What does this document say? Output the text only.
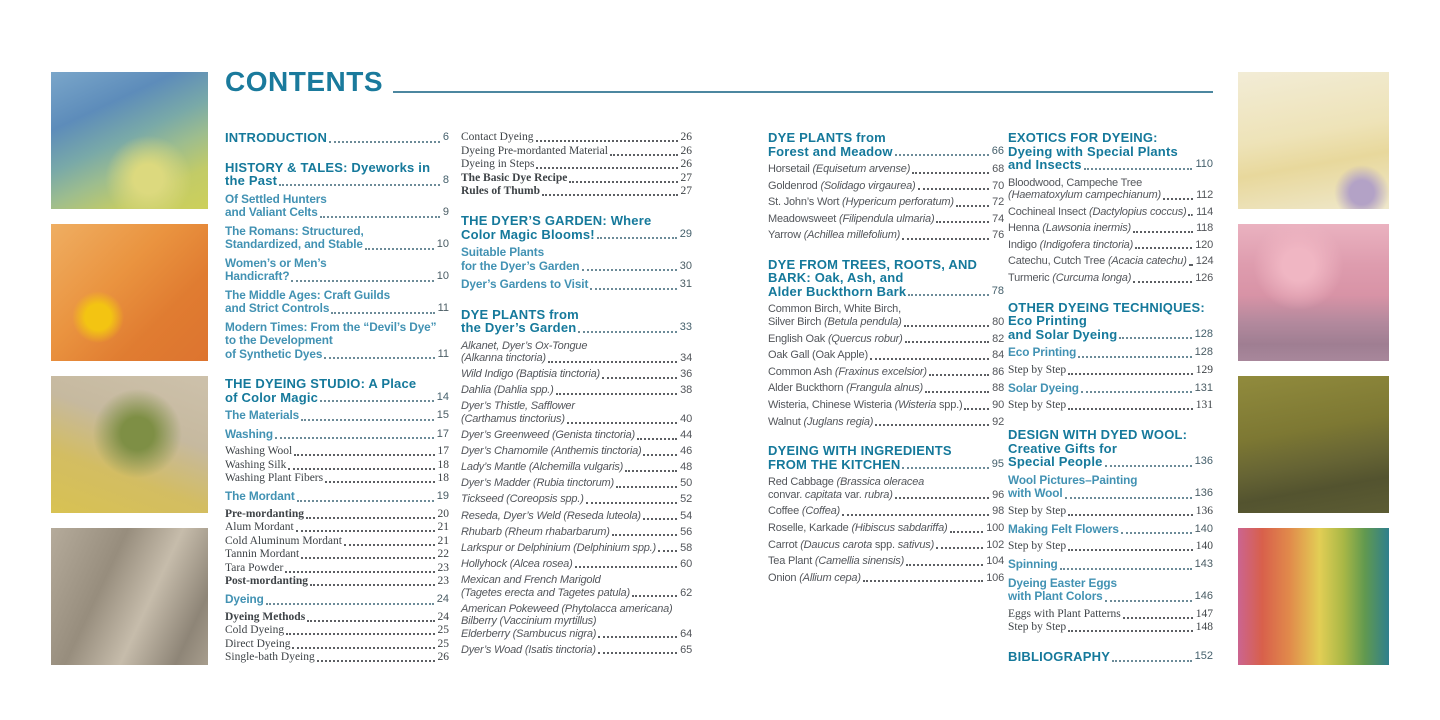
CONTENTS
INTRODUCTION	6
HISTORY & TALES: Dyeworks in
the Past	8
Of Settled Hunters
and Valiant Celts	9
The Romans: Structured,
Standardized, and Stable	10
Women’s or Men’s
Handicraft?	10
The Middle Ages: Craft Guilds
and Strict Controls	11
Modern Times: From the “Devil’s Dye”
to the Development
of Synthetic Dyes	11
THE DYEING STUDIO: A Place
of Color Magic	14
The Materials	15
Washing	17
Washing Wool	17
Washing Silk	18
Washing Plant Fibers	18
The Mordant	19
Pre-mordanting	20
Alum Mordant	21
Cold Aluminum Mordant	21
Tannin Mordant	22
Tara Powder	23
Post-mordanting	23
Dyeing	24
Dyeing Methods	24
Cold Dyeing	25
Direct Dyeing	25
Single-bath Dyeing	26
Contact Dyeing	26
Dyeing Pre-mordanted Material	26
Dyeing in Steps	26
The Basic Dye Recipe	27
Rules of Thumb	27
THE DYER’S GARDEN: Where
Color Magic Blooms!	29
Suitable Plants
for the Dyer’s Garden	30
Dyer’s Gardens to Visit	31
DYE PLANTS from
the Dyer’s Garden	33
Alkanet, Dyer’s Ox-Tongue
(Alkanna tinctoria)	34
Wild Indigo (Baptisia tinctoria)	36
Dahlia (Dahlia spp.)	38
Dyer’s Thistle, Safflower
(Carthamus tinctorius)	40
Dyer’s Greenweed (Genista tinctoria)	44
Dyer’s Chamomile (Anthemis tinctoria)	46
Lady’s Mantle (Alchemilla vulgaris)	48
Dyer’s Madder (Rubia tinctorum)	50
Tickseed (Coreopsis spp.)	52
Reseda, Dyer’s Weld (Reseda luteola)	54
Rhubarb (Rheum rhabarbarum)	56
Larkspur or Delphinium (Delphinium spp.) 58
Hollyhock (Alcea rosea)	60
Mexican and French Marigold
(Tagetes erecta and Tagetes patula)	62
American Pokeweed (Phytolacca americana)
Bilberry (Vaccinium myrtillus)
Elderberry (Sambucus nigra)	64
Dyer’s Woad (Isatis tinctoria)	65
DYE PLANTS from
Forest and Meadow	66
Horsetail (Equisetum arvense)	68
Goldenrod (Solidago virgaurea)	70
St. John’s Wort (Hypericum perforatum)	72
Meadowsweet (Filipendula ulmaria)	74
Yarrow (Achillea millefolium)	76
DYE FROM TREES, ROOTS, AND
BARK: Oak, Ash, and
Alder Buckthorn Bark	78
Common Birch, White Birch,
Silver Birch (Betula pendula)	80
English Oak (Quercus robur)	82
Oak Gall (Oak Apple)	84
Common Ash (Fraxinus excelsior)	86
Alder Buckthorn (Frangula alnus)	88
Wisteria, Chinese Wisteria (Wisteria spp.)	90
Walnut (Juglans regia)	92
DYEING WITH INGREDIENTS
FROM THE KITCHEN	95
Red Cabbage (Brassica oleracea
convar. capitata var. rubra)	96
Coffee (Coffea)	98
Roselle, Karkade (Hibiscus sabdariffa)	100
Carrot (Daucus carota spp. sativus)	102
Tea Plant (Camellia sinensis)	104
Onion (Allium cepa)	106
EXOTICS FOR DYEING:
Dyeing with Special Plants
and Insects	110
Bloodwood, Campeche Tree
(Haematoxylum campechianum)	112
Cochineal Insect (Dactylopius coccus) 114
Henna (Lawsonia inermis)	118
Indigo (Indigofera tinctoria)	120
Catechu, Cutch Tree (Acacia catechu) 124
Turmeric (Curcuma longa)	126
OTHER DYEING TECHNIQUES:
Eco Printing
and Solar Dyeing	128
Eco Printing	128
Step by Step	129
Solar Dyeing	131
Step by Step	131
DESIGN WITH DYED WOOL:
Creative Gifts for
Special People	136
Wool Pictures–Painting
with Wool	136
Step by Step	136
Making Felt Flowers	140
Step by Step	140
Spinning	143
Dyeing Easter Eggs
with Plant Colors	146
Eggs with Plant Patterns	147
Step by Step	148
BIBLIOGRAPHY	152
